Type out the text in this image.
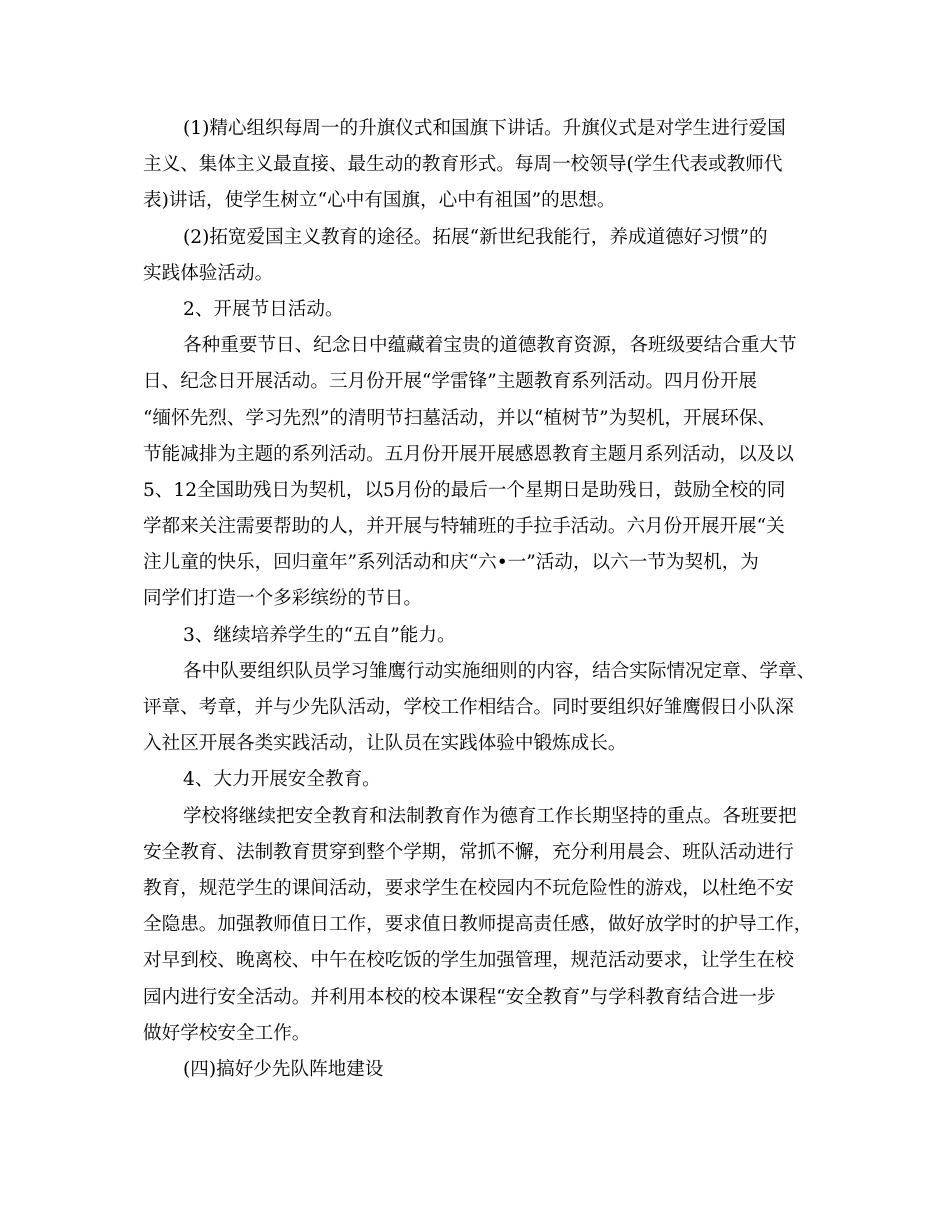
(1)精心组织每周一的升旗仪式和国旗下讲话。升旗仪式是对学生进行爱国
主义、集体主义最直接、最生动的教育形式。每周一校领导(学生代表或教师代
表)讲话，使学生树立“心中有国旗，心中有祖国”的思想。
(2)拓宽爱国主义教育的途径。拓展“新世纪我能行，养成道德好习惯”的
实践体验活动。
2、开展节日活动。
各种重要节日、纪念日中蕴藏着宝贵的道德教育资源，各班级要结合重大节
日、纪念日开展活动。三月份开展“学雷锋”主题教育系列活动。四月份开展
“缅怀先烈、学习先烈”的清明节扫墓活动，并以“植树节”为契机，开展环保、
节能减排为主题的系列活动。五月份开展开展感恩教育主题月系列活动，以及以
5、12全国助残日为契机，以5月份的最后一个星期日是助残日，鼓励全校的同
学都来关注需要帮助的人，并开展与特辅班的手拉手活动。六月份开展开展“关
注儿童的快乐，回归童年”系列活动和庆“六•一”活动，以六一节为契机，为
同学们打造一个多彩缤纷的节日。
3、继续培养学生的“五自”能力。
各中队要组织队员学习雏鹰行动实施细则的内容，结合实际情况定章、学章、
评章、考章，并与少先队活动，学校工作相结合。同时要组织好雏鹰假日小队深
入社区开展各类实践活动，让队员在实践体验中锻炼成长。
4、大力开展安全教育。
学校将继续把安全教育和法制教育作为德育工作长期坚持的重点。各班要把
安全教育、法制教育贯穿到整个学期，常抓不懈，充分利用晨会、班队活动进行
教育，规范学生的课间活动，要求学生在校园内不玩危险性的游戏，以杜绝不安
全隐患。加强教师值日工作，要求值日教师提高责任感，做好放学时的护导工作，
对早到校、晚离校、中午在校吃饭的学生加强管理，规范活动要求，让学生在校
园内进行安全活动。并利用本校的校本课程“安全教育”与学科教育结合进一步
做好学校安全工作。
(四)搞好少先队阵地建设
